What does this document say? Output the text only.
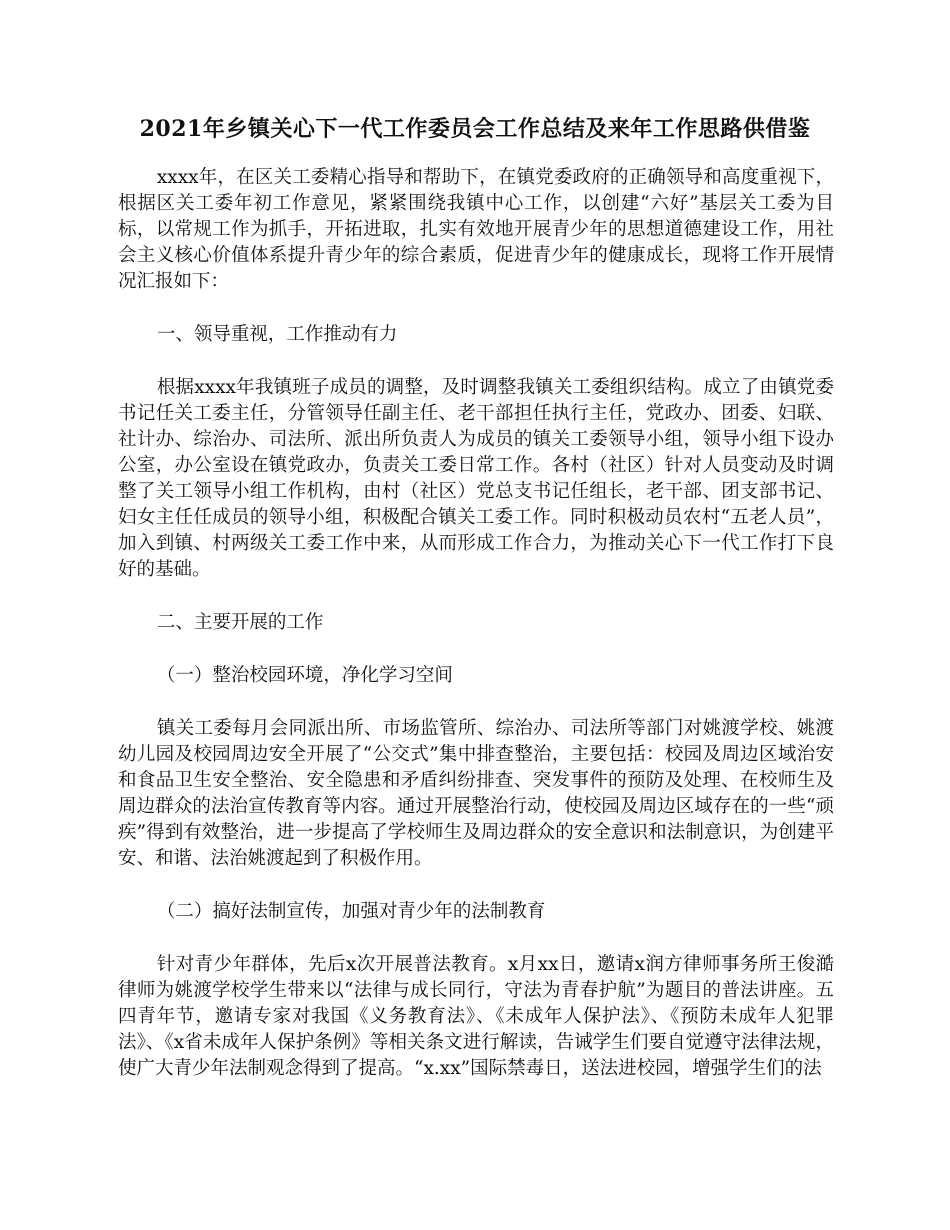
2021年乡镇关心下一代工作委员会工作总结及来年工作思路供借鉴

xxxx年，在区关工委精心指导和帮助下，在镇党委政府的正确领导和高度重视下，根据区关工委年初工作意见，紧紧围绕我镇中心工作，以创建“六好”基层关工委为目标，以常规工作为抓手，开拓进取，扎实有效地开展青少年的思想道德建设工作，用社会主义核心价值体系提升青少年的综合素质，促进青少年的健康成长，现将工作开展情况汇报如下：

一、领导重视，工作推动有力

根据xxxx年我镇班子成员的调整，及时调整我镇关工委组织结构。成立了由镇党委书记任关工委主任，分管领导任副主任、老干部担任执行主任，党政办、团委、妇联、社计办、综治办、司法所、派出所负责人为成员的镇关工委领导小组，领导小组下设办公室，办公室设在镇党政办，负责关工委日常工作。各村（社区）针对人员变动及时调整了关工领导小组工作机构，由村（社区）党总支书记任组长，老干部、团支部书记、妇女主任任成员的领导小组，积极配合镇关工委工作。同时积极动员农村“五老人员”，加入到镇、村两级关工委工作中来，从而形成工作合力，为推动关心下一代工作打下良好的基础。

二、主要开展的工作

（一）整治校园环境，净化学习空间

镇关工委每月会同派出所、市场监管所、综治办、司法所等部门对姚渡学校、姚渡幼儿园及校园周边安全开展了“公交式”集中排查整治，主要包括：校园及周边区域治安和食品卫生安全整治、安全隐患和矛盾纠纷排查、突发事件的预防及处理、在校师生及周边群众的法治宣传教育等内容。通过开展整治行动，使校园及周边区域存在的一些“顽疾”得到有效整治，进一步提高了学校师生及周边群众的安全意识和法制意识，为创建平安、和谐、法治姚渡起到了积极作用。

（二）搞好法制宣传，加强对青少年的法制教育

针对青少年群体，先后x次开展普法教育。x月xx日，邀请x润方律师事务所王俊澔律师为姚渡学校学生带来以“法律与成长同行，守法为青春护航”为题目的普法讲座。五四青年节，邀请专家对我国《义务教育法》、《未成年人保护法》、《预防未成年人犯罪法》、《x省未成年人保护条例》等相关条文进行解读，告诫学生们要自觉遵守法律法规，使广大青少年法制观念得到了提高。“x.xx”国际禁毒日，送法进校园，增强学生们的法
